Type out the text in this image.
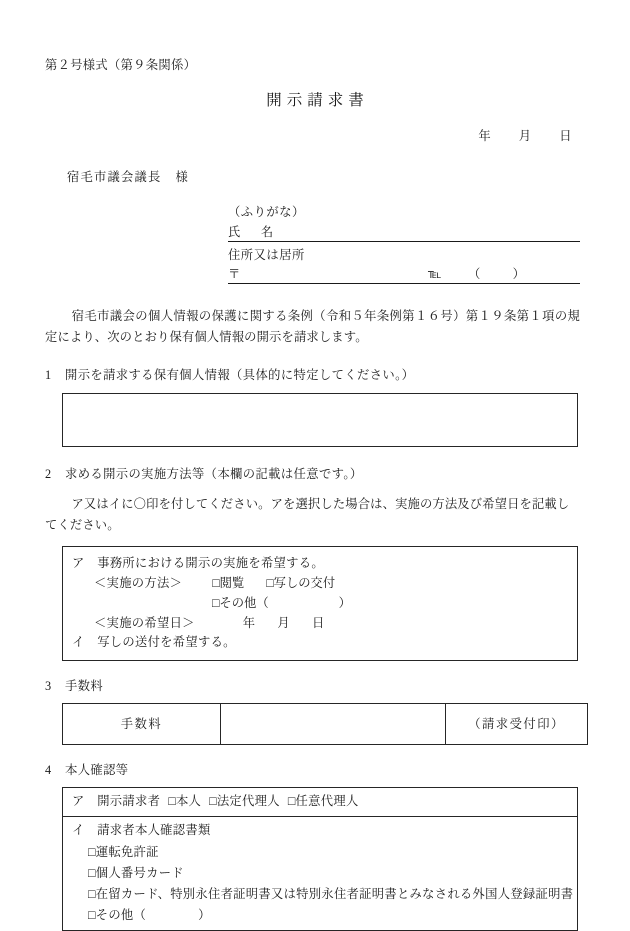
第２号様式（第９条関係）
開示請求書
年 月 日
宿毛市議会議長 様
（ふりがな）
氏 名
住所又は居所
〒	℡ （　）
　宿毛市議会の個人情報の保護に関する条例（令和５年条例第１６号）第１９条第１項の規定により、次のとおり保有個人情報の開示を請求します。
1 開示を請求する保有個人情報（具体的に特定してください。）
2 求める開示の実施方法等（本欄の記載は任意です。）
　ア又はイに〇印を付してください。アを選択した場合は、実施の方法及び希望日を記載してください。
ア　事務所における開示の実施を希望する。
＜実施の方法＞ □閲覧 □写しの交付
□その他（	）
＜実施の希望日＞	年 月 日
イ　写しの送付を希望する。
3 手数料
手数料		（請求受付印）
4 本人確認等
ア　開示請求者 □本人 □法定代理人 □任意代理人

イ　請求者本人確認書類
□運転免許証
□個人番号カード
□在留カード、特別永住者証明書又は特別永住者証明書とみなされる外国人登録証明書
□その他（	）
